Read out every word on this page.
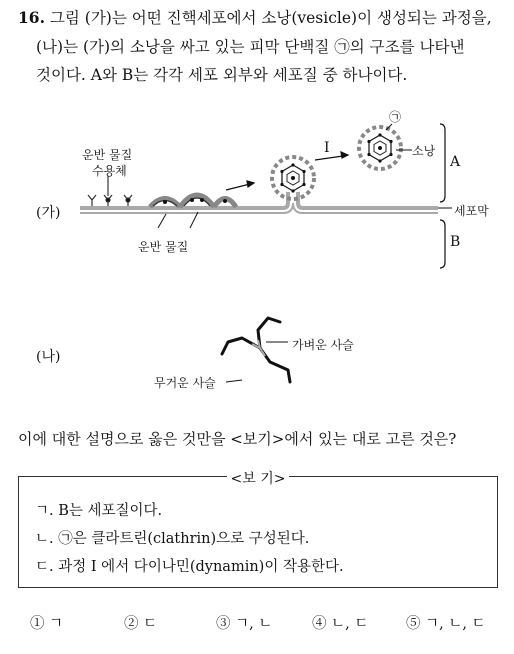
16. 그림 (가)는 어떤 진핵세포에서 소낭(vesicle)이 생성되는 과정을,
(나)는 (가)의 소낭을 싸고 있는 피막 단백질 ㉠의 구조를 나타낸
것이다. A와 B는 각각 세포 외부와 세포질 중 하나이다.
(가)
운반 물질
수용체
운반 물질
I	소낭
㉠
A
세포막
B
(나)
가벼운 사슬
무거운 사슬
이에 대한 설명으로 옳은 것만을 <보기>에서 있는 대로 고른 것은?
<보 기>
ㄱ. B는 세포질이다.
ㄴ. ㉠은 클라트린(clathrin)으로 구성된다.
ㄷ. 과정 I 에서 다이나민(dynamin)이 작용한다.
① ㄱ	② ㄷ	③ ㄱ, ㄴ	④ ㄴ, ㄷ	⑤ ㄱ, ㄴ, ㄷ
